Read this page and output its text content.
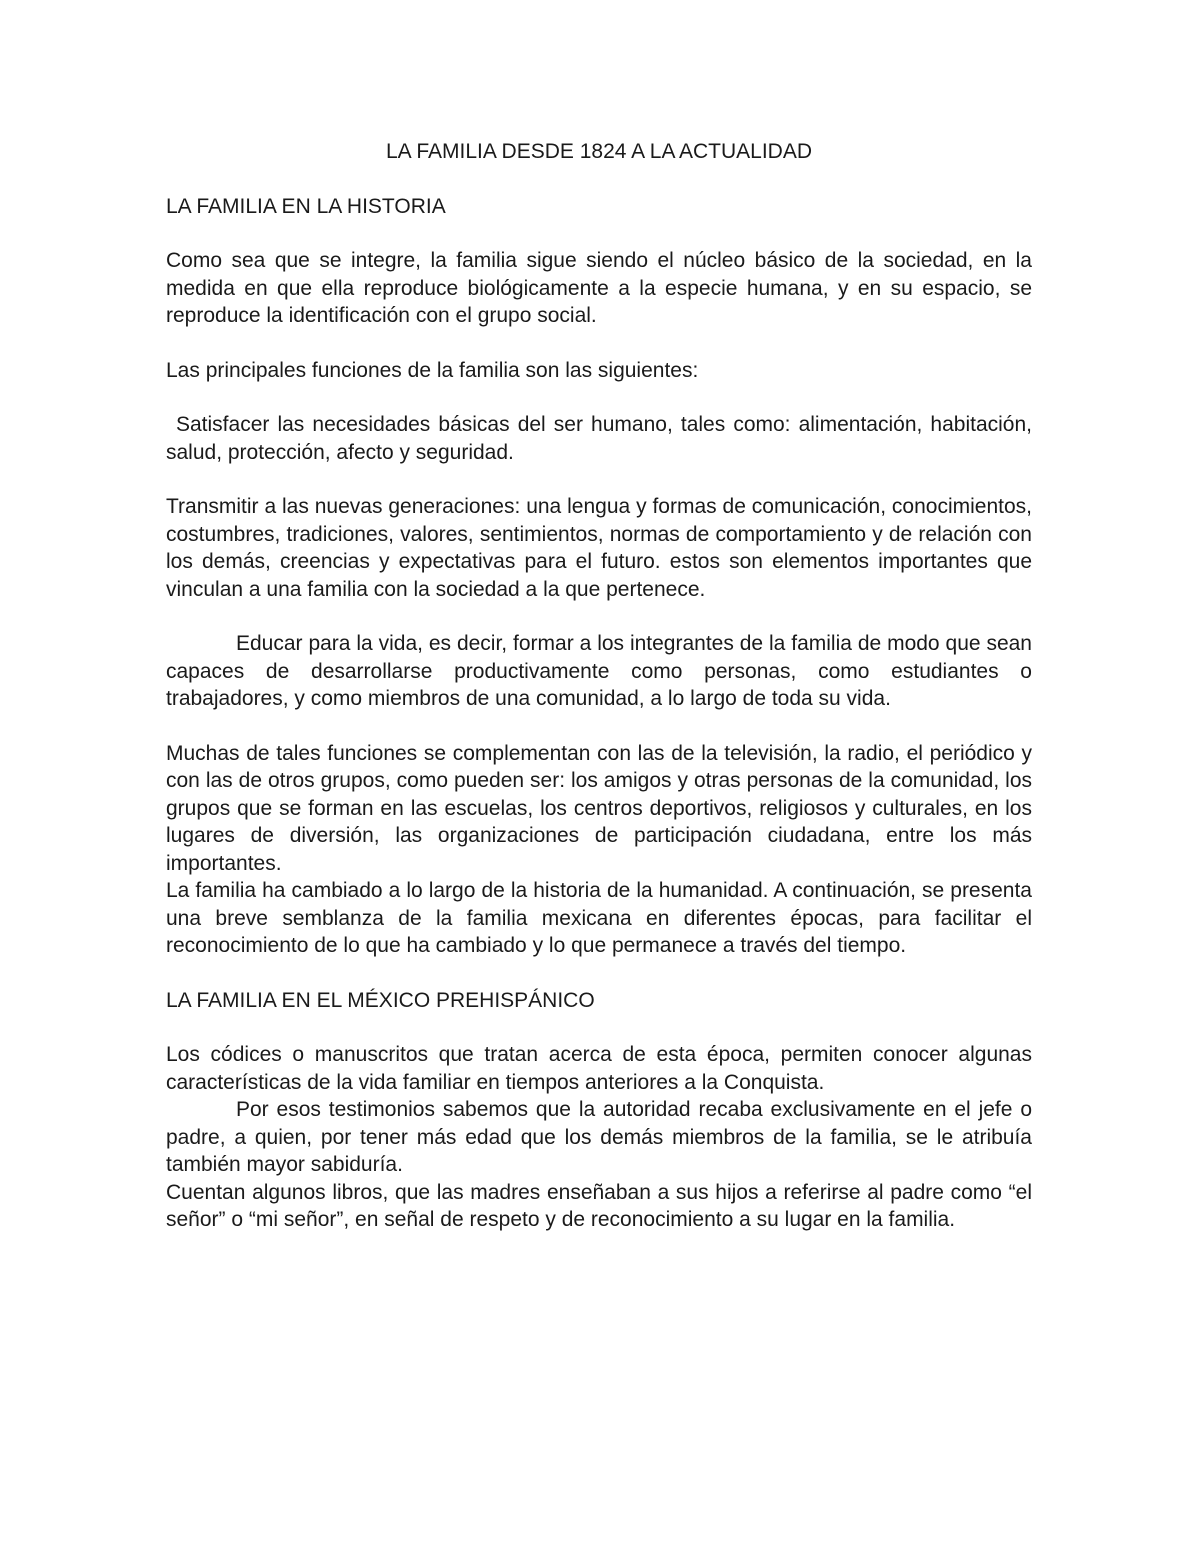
LA FAMILIA DESDE 1824 A LA ACTUALIDAD
LA FAMILIA EN LA HISTORIA

Como sea que se integre, la familia sigue siendo el núcleo básico de la sociedad, en la medida en que ella reproduce biológicamente a la especie humana, y en su espacio, se reproduce la identificación con el grupo social.

Las principales funciones de la familia son las siguientes:

Satisfacer las necesidades básicas del ser humano, tales como: alimentación, habitación, salud, protección, afecto y seguridad.

Transmitir a las nuevas generaciones: una lengua y formas de comunicación, conocimientos, costumbres, tradiciones, valores, sentimientos, normas de comportamiento y de relación con los demás, creencias y expectativas para el futuro. estos son elementos importantes que vinculan a una familia con la sociedad a la que pertenece.

Educar para la vida, es decir, formar a los integrantes de la familia de modo que sean capaces de desarrollarse productivamente como personas, como estudiantes o trabajadores, y como miembros de una comunidad, a lo largo de toda su vida.

Muchas de tales funciones se complementan con las de la televisión, la radio, el periódico y con las de otros grupos, como pueden ser: los amigos y otras personas de la comunidad, los grupos que se forman en las escuelas, los centros deportivos, religiosos y culturales, en los lugares de diversión, las organizaciones de participación ciudadana, entre los más importantes.

La familia ha cambiado a lo largo de la historia de la humanidad. A continuación, se presenta una breve semblanza de la familia mexicana en diferentes épocas, para facilitar el reconocimiento de lo que ha cambiado y lo que permanece a través del tiempo.

LA FAMILIA EN EL MÉXICO PREHISPÁNICO

Los códices o manuscritos que tratan acerca de esta época, permiten conocer algunas características de la vida familiar en tiempos anteriores a la Conquista.

Por esos testimonios sabemos que la autoridad recaba exclusivamente en el jefe o padre, a quien, por tener más edad que los demás miembros de la familia, se le atribuía también mayor sabiduría.

Cuentan algunos libros, que las madres enseñaban a sus hijos a referirse al padre como “el señor” o “mi señor”, en señal de respeto y de reconocimiento a su lugar en la familia.
